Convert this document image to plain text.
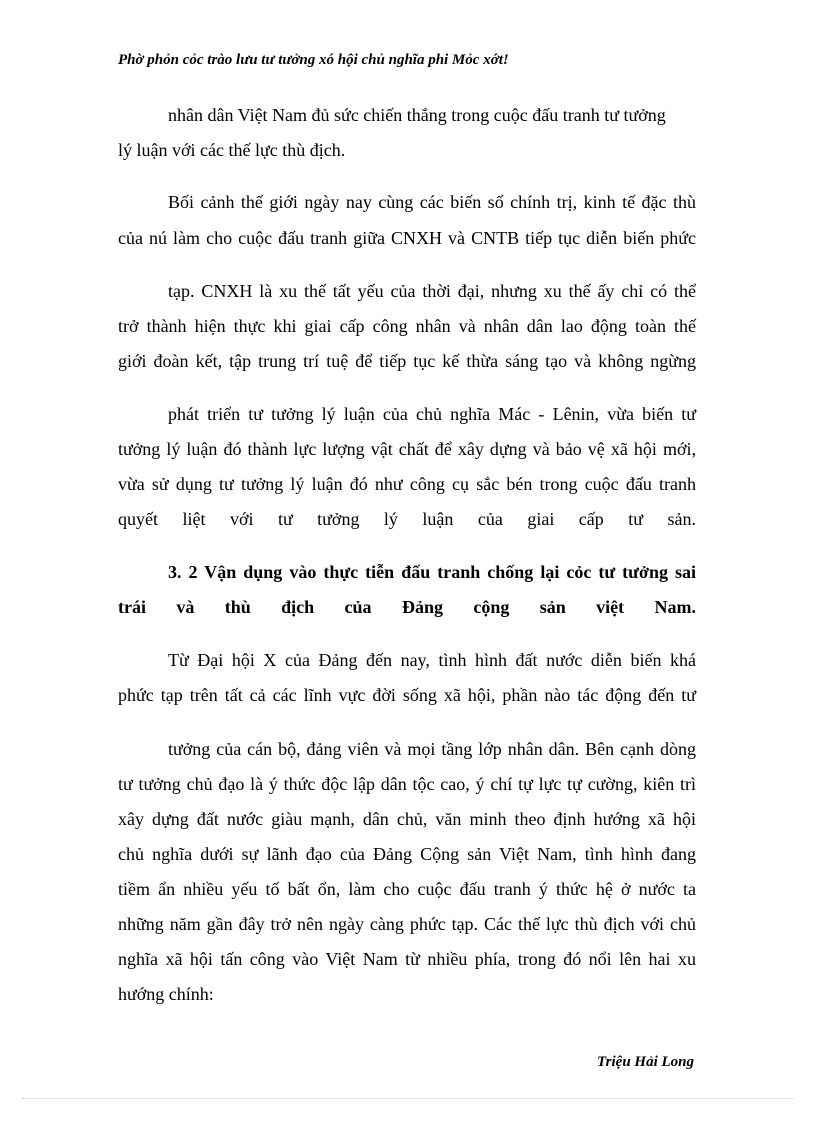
Phờ phỏn cỏc trào lưu tư tưởng xó hội chủ nghĩa phi Mỏc xớt!
nhân dân Việt Nam đủ sức chiến thắng trong cuộc đấu tranh tư tưởng
lý luận với các thế lực thù địch.
Bối cảnh thế giới ngày nay cùng các biến số chính trị, kinh tế đặc thù
của nú làm cho cuộc đấu tranh giữa CNXH và CNTB tiếp tục diễn biến phức
tạp. CNXH là xu thế tất yếu của thời đại, nhưng xu thế ấy chỉ có thể
trở thành hiện thực khi giai cấp công nhân và nhân dân lao động toàn thế
giới đoàn kết, tập trung trí tuệ để tiếp tục kế thừa sáng tạo và không ngừng
phát triển tư tưởng lý luận của chủ nghĩa Mác - Lênin, vừa biến tư
tưởng lý luận đó thành lực lượng vật chất để xây dựng và bảo vệ xã hội mới,
vừa sử dụng tư tưởng lý luận đó như công cụ sắc bén trong cuộc đấu tranh
quyết liệt với tư tưởng lý luận của giai cấp tư sản.
3. 2 Vận dụng vào thực tiễn đấu tranh chống lại cỏc tư tưởng sai
trái và thù địch của Đảng cộng sản việt Nam.
Từ Đại hội X của Đảng đến nay, tình hình đất nước diễn biến khá
phức tạp trên tất cả các lĩnh vực đời sống xã hội, phần nào tác động đến tư
tưởng của cán bộ, đảng viên và mọi tầng lớp nhân dân. Bên cạnh dòng
tư tưởng chủ đạo là ý thức độc lập dân tộc cao, ý chí tự lực tự cường, kiên trì
xây dựng đất nước giàu mạnh, dân chủ, văn minh theo định hướng xã hội
chủ nghĩa dưới sự lãnh đạo của Đảng Cộng sản Việt Nam, tình hình đang
tiềm ẩn nhiều yếu tố bất ổn, làm cho cuộc đấu tranh ý thức hệ ở nước ta
những năm gần đây trở nên ngày càng phức tạp. Các thế lực thù địch với chủ
nghĩa xã hội tấn công vào Việt Nam từ nhiều phía, trong đó nổi lên hai xu
hướng chính:
Triệu Hải Long
